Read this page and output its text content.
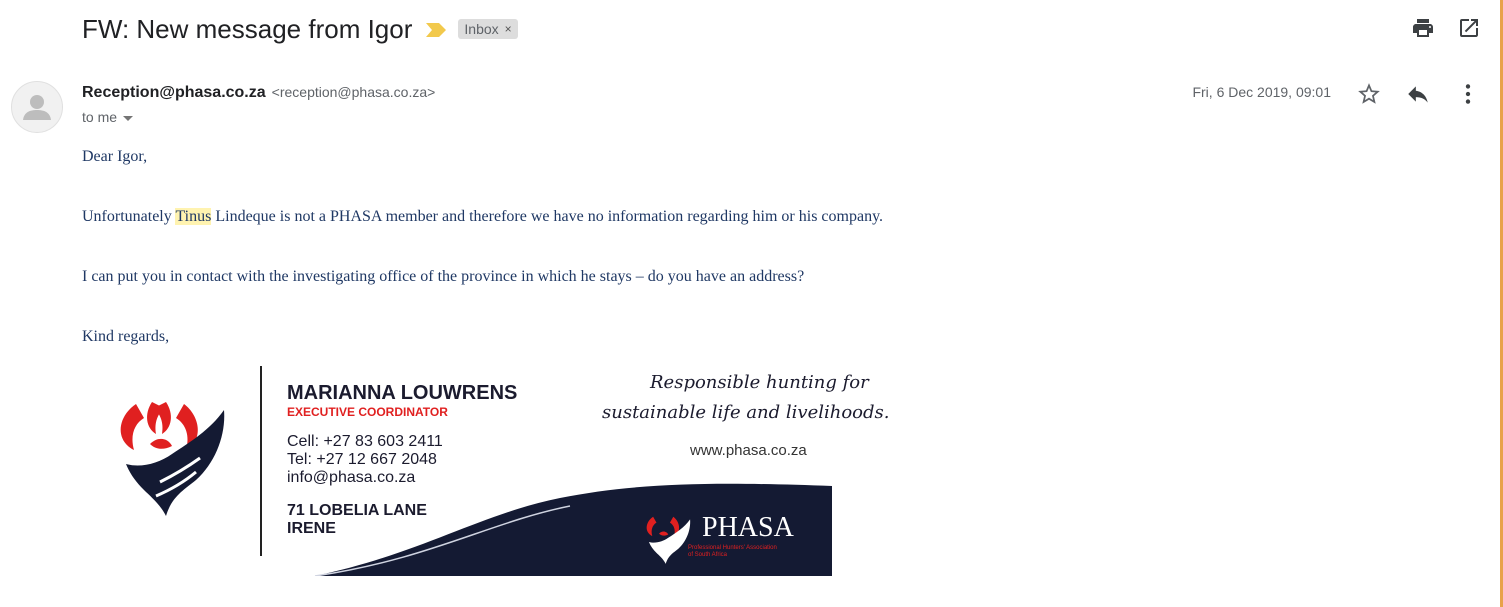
FW: New message from Igor	Inbox ×
Reception@phasa.co.za <reception@phasa.co.za>
to me
Fri, 6 Dec 2019, 09:01
Dear Igor,
Unfortunately Tinus Lindeque is not a PHASA member and therefore we have no information regarding him or his company.
I can put you in contact with the investigating office of the province in which he stays – do you have an address?
Kind regards,
MARIANNA LOUWRENS
EXECUTIVE COORDINATOR
Cell: +27 83 603 2411
Tel: +27 12 667 2048
info@phasa.co.za
71 LOBELIA LANE
IRENE
Responsible hunting for
sustainable life and livelihoods.
www.phasa.co.za
PHASA
Professional Hunters' Association
of South Africa
